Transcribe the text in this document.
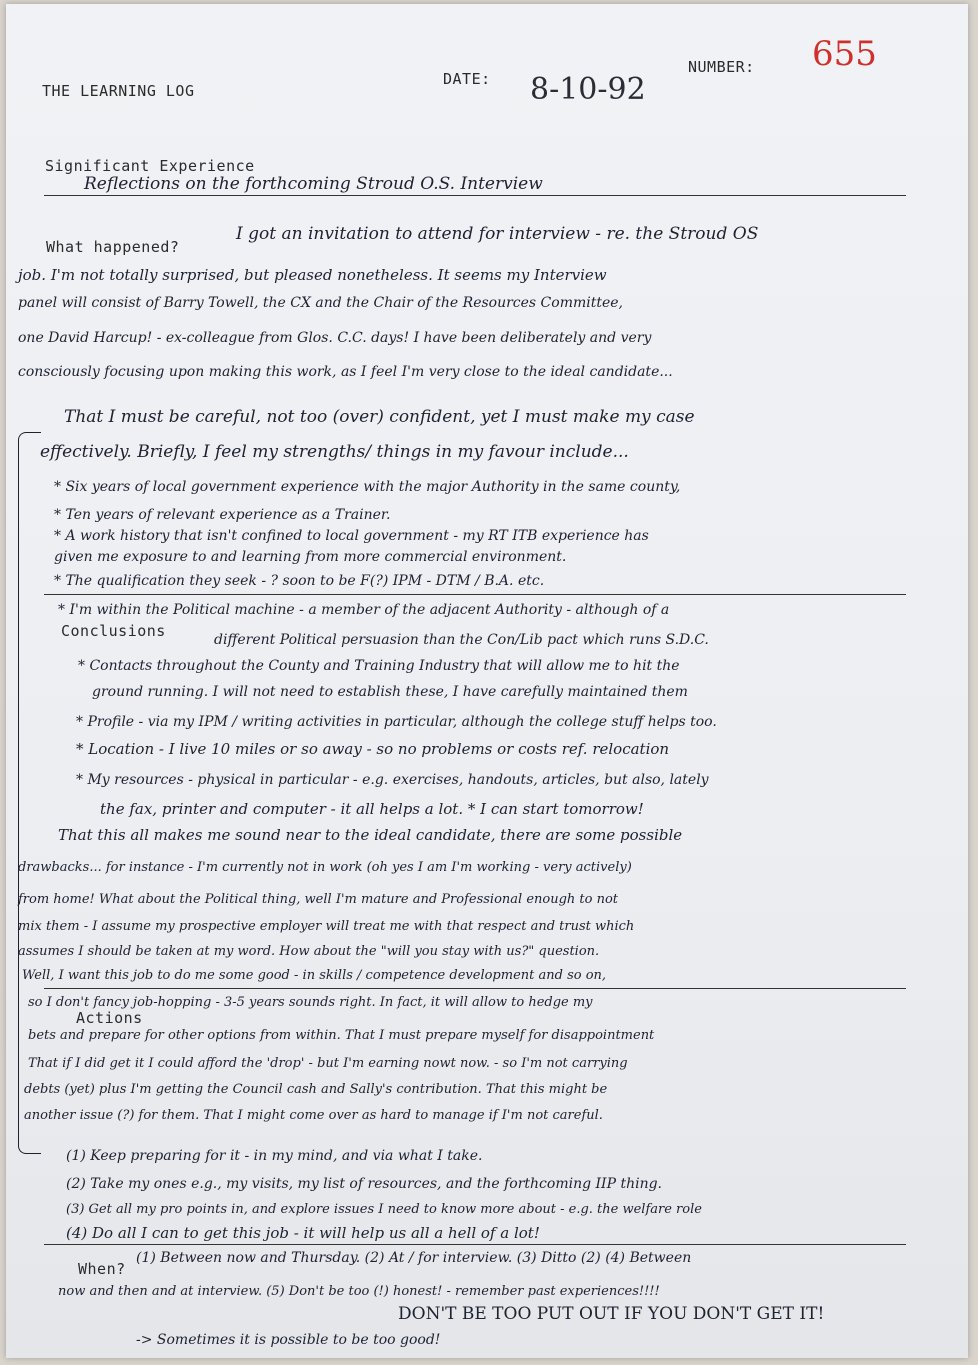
THE LEARNING LOG
DATE: 8-10-92
NUMBER: 655
Significant Experience
Reflections on the forthcoming Stroud O.S. Interview
What happened?
I got an invitation to attend for interview - re. the Stroud OS
job. I'm not totally surprised, but pleased nonetheless. It seems my Interview
panel will consist of Barry Towell, the CX and the Chair of the Resources Committee,
one David Harcup! - ex-colleague from Glos. C.C. days! I have been deliberately and very
consciously focusing upon making this work, as I feel I'm very close to the ideal candidate...
That I must be careful, not too (over) confident, yet I must make my case
effectively. Briefly, I feel my strengths/ things in my favour include...
* Six years of local government experience with the major Authority in the same county,
* Ten years of relevant experience as a Trainer.
* A work history that isn't confined to local government - my RT ITB experience has
given me exposure to and learning from more commercial environment.
* The qualification they seek - ? soon to be F(?) IPM - DTM / B.A. etc.
* I'm within the Political machine - a member of the adjacent Authority - although of a
Conclusions	different Political persuasion than the Con/Lib pact which runs S.D.C.
* Contacts throughout the County and Training Industry that will allow me to hit the
ground running. I will not need to establish these, I have carefully maintained them
* Profile - via my IPM / writing activities in particular, although the college stuff helps too.
* Location - I live 10 miles or so away - so no problems or costs ref. relocation
* My resources - physical in particular - e.g. exercises, handouts, articles, but also, lately
the fax, printer and computer - it all helps a lot. * I can start tomorrow!
That this all makes me sound near to the ideal candidate, there are some possible
drawbacks... for instance - I'm currently not in work (oh yes I am I'm working - very actively)
from home! What about the Political thing, well I'm mature and Professional enough to not
mix them - I assume my prospective employer will treat me with that respect and trust which
assumes I should be taken at my word. How about the "will you stay with us?" question.
Well, I want this job to do me some good - in skills / competence development and so on,
so I don't fancy job-hopping - 3-5 years sounds right. In fact, it will allow to hedge my
Actions
bets and prepare for other options from within. That I must prepare myself for disappointment
That if I did get it I could afford the 'drop' - but I'm earning nowt now. - so I'm not carrying
debts (yet) plus I'm getting the Council cash and Sally's contribution. That this might be
another issue (?) for them. That I might come over as hard to manage if I'm not careful.
(1) Keep preparing for it - in my mind, and via what I take.
(2) Take my ones e.g., my visits, my list of resources, and the forthcoming IIP thing.
(3) Get all my pro points in, and explore issues I need to know more about - e.g. the welfare role
(4) Do all I can to get this job - it will help us all a hell of a lot!
When?
(1) Between now and Thursday. (2) At / for interview. (3) Ditto (2) (4) Between
now and then and at interview. (5) Don't be too (!) honest! - remember past experiences!!!!
DON'T BE TOO PUT OUT IF YOU DON'T GET IT!
-> Sometimes it is possible to be too good!
